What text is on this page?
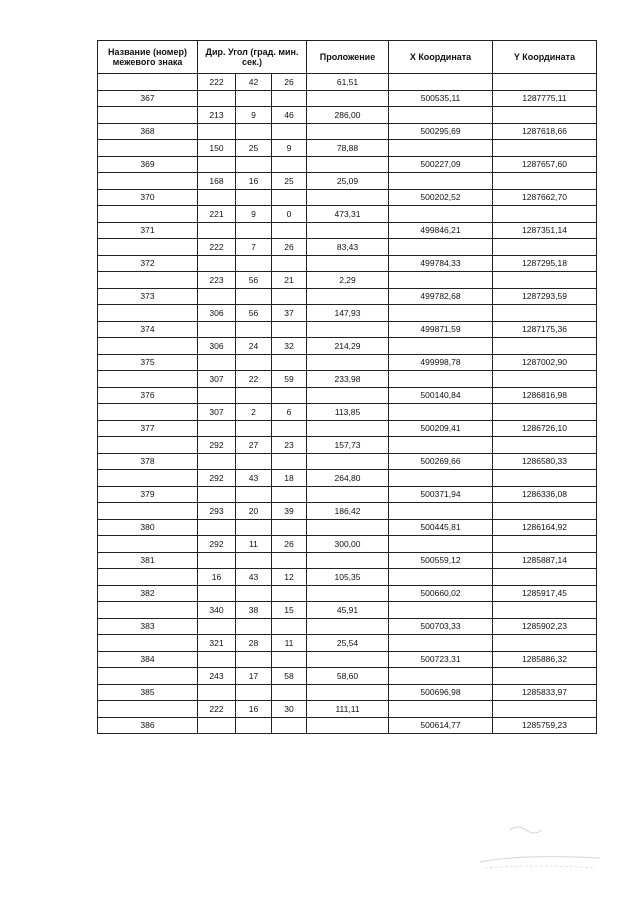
Название (номер) межевого знака	Дир. Угол (град. мин. сек.)			Проложение	X Координата	Y Координата
	222	42	26	61,51		
367					500535,11	1287775,11
	213	9	46	286,00		
368					500295,69	1287618,66
	150	25	9	78,88		
369					500227,09	1287657,60
	168	16	25	25,09		
370					500202,52	1287662,70
	221	9	0	473,31		
371					499846,21	1287351,14
	222	7	26	83,43		
372					499784,33	1287295,18
	223	56	21	2,29		
373					499782,68	1287293,59
	306	56	37	147,93		
374					499871,59	1287175,36
	306	24	32	214,29		
375					499998,78	1287002,90
	307	22	59	233,98		
376					500140,84	1286816,98
	307	2	6	113,85		
377					500209,41	1286726,10
	292	27	23	157,73		
378					500269,66	1286580,33
	292	43	18	264,80		
379					500371,94	1286336,08
	293	20	39	186,42		
380					500445,81	1286164,92
	292	11	26	300,00		
381					500559,12	1285887,14
	16	43	12	105,35		
382					500660,02	1285917,45
	340	38	15	45,91		
383					500703,33	1285902,23
	321	28	11	25,54		
384					500723,31	1285886,32
	243	17	58	58,60		
385					500696,98	1285833,97
	222	16	30	111,11		
386					500614,77	1285759,23
